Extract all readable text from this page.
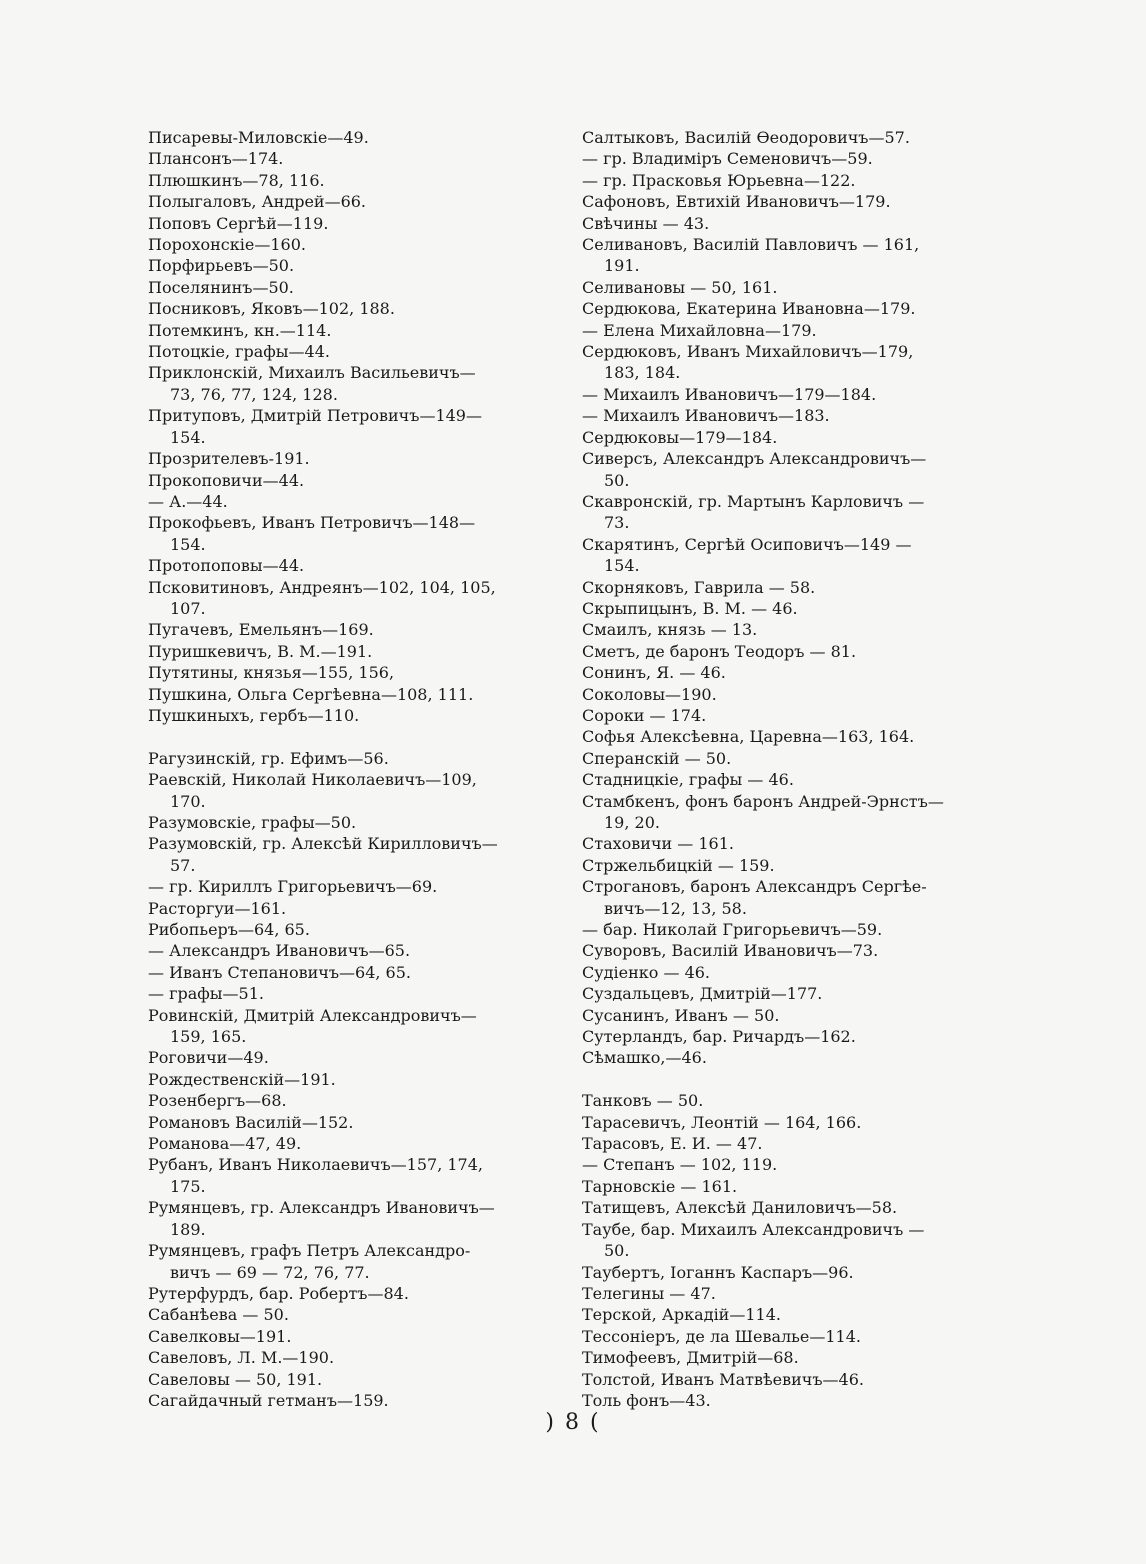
Писаревы-Миловскіе—49.
Плансонъ—174.
Плюшкинъ—78, 116.
Полыгаловъ, Андрей—66.
Поповъ Сергѣй—119.
Порохонскіе—160.
Порфирьевъ—50.
Поселянинъ—50.
Посниковъ, Яковъ—102, 188.
Потемкинъ, кн.—114.
Потоцкіе, графы—44.
Приклонскій, Михаилъ Васильевичъ—
73, 76, 77, 124, 128.
Притуповъ, Дмитрій Петровичъ—149—
154.
Прозрителевъ-191.
Прокоповичи—44.
— А.—44.
Прокофьевъ, Иванъ Петровичъ—148—
154.
Протопоповы—44.
Псковитиновъ, Андреянъ—102, 104, 105,
107.
Пугачевъ, Емельянъ—169.
Пуришкевичъ, В. М.—191.
Путятины, князья—155, 156,
Пушкина, Ольга Сергѣевна—108, 111.
Пушкиныхъ, гербъ—110.
Рагузинскій, гр. Ефимъ—56.
Раевскій, Николай Николаевичъ—109,
170.
Разумовскіе, графы—50.
Разумовскій, гр. Алексѣй Кирилловичъ—
57.
— гр. Кириллъ Григорьевичъ—69.
Расторгуи—161.
Рибопьеръ—64, 65.
— Александръ Ивановичъ—65.
— Иванъ Степановичъ—64, 65.
— графы—51.
Ровинскій, Дмитрій Александровичъ—
159, 165.
Роговичи—49.
Рождественскій—191.
Розенбергъ—68.
Романовъ Василій—152.
Романова—47, 49.
Рубанъ, Иванъ Николаевичъ—157, 174,
175.
Румянцевъ, гр. Александръ Ивановичъ—
189.
Румянцевъ, графъ Петръ Александро-
вичъ — 69 — 72, 76, 77.
Рутерфурдъ, бар. Робертъ—84.
Сабанѣева — 50.
Савелковы—191.
Савеловъ, Л. М.—190.
Савеловы — 50, 191.
Сагайдачный гетманъ—159.
Салтыковъ, Василій Ѳеодоровичъ—57.
— гр. Владиміръ Семеновичъ—59.
— гр. Прасковья Юрьевна—122.
Сафоновъ, Евтихій Ивановичъ—179.
Свѣчины — 43.
Селивановъ, Василій Павловичъ — 161,
191.
Селивановы — 50, 161.
Сердюкова, Екатерина Ивановна—179.
— Елена Михайловна—179.
Сердюковъ, Иванъ Михайловичъ—179,
183, 184.
— Михаилъ Ивановичъ—179—184.
— Михаилъ Ивановичъ—183.
Сердюковы—179—184.
Сиверсъ, Александръ Александровичъ—
50.
Скавронскій, гр. Мартынъ Карловичъ —
73.
Скарятинъ, Сергѣй Осиповичъ—149 —
154.
Скорняковъ, Гаврила — 58.
Скрыпицынъ, В. М. — 46.
Смаилъ, князь — 13.
Сметъ, де баронъ Теодоръ — 81.
Сонинъ, Я. — 46.
Соколовы—190.
Сороки — 174.
Софья Алексѣевна, Царевна—163, 164.
Сперанскій — 50.
Стадницкіе, графы — 46.
Стамбкенъ, фонъ баронъ Андрей-Эрнстъ—
19, 20.
Стаховичи — 161.
Стржельбицкій — 159.
Строгановъ, баронъ Александръ Сергѣе-
вичъ—12, 13, 58.
— бар. Николай Григорьевичъ—59.
Суворовъ, Василій Ивановичъ—73.
Судіенко — 46.
Суздальцевъ, Дмитрій—177.
Сусанинъ, Иванъ — 50.
Сутерландъ, бар. Ричардъ—162.
Сѣмашко,—46.
Танковъ — 50.
Тарасевичъ, Леонтій — 164, 166.
Тарасовъ, Е. И. — 47.
— Степанъ — 102, 119.
Тарновскіе — 161.
Татищевъ, Алексѣй Даниловичъ—58.
Таубе, бар. Михаилъ Александровичъ —
50.
Таубертъ, Іоганнъ Каспаръ—96.
Телегины — 47.
Терской, Аркадій—114.
Тессоніеръ, де ла Шевалье—114.
Тимофеевъ, Дмитрій—68.
Толстой, Иванъ Матвѣевичъ—46.
Толь фонъ—43.
) 8 (
